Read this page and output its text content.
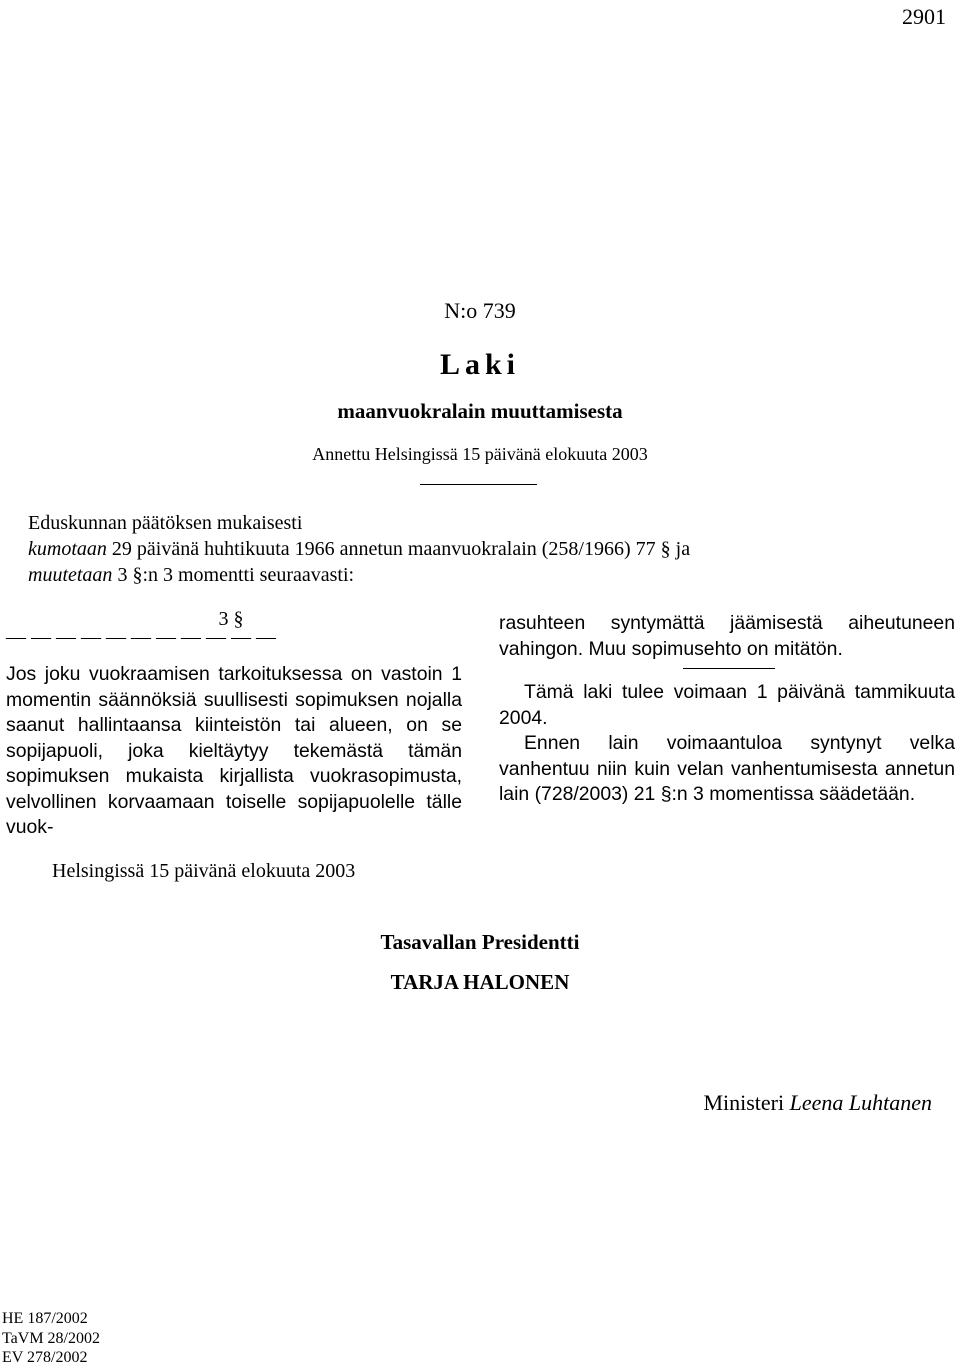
2901
N:o 739
Laki
maanvuokralain muuttamisesta
Annettu Helsingissä 15 päivänä elokuuta 2003
Eduskunnan päätöksen mukaisesti
kumotaan 29 päivänä huhtikuuta 1966 annetun maanvuokralain (258/1966) 77 § ja
muutetaan 3 §:n 3 momentti seuraavasti:
3 §
— — — — — — — — — — —
Jos joku vuokraamisen tarkoituksessa on vastoin 1 momentin säännöksiä suullisesti sopimuksen nojalla saanut hallintaansa kiinteistön tai alueen, on se sopijapuoli, joka kieltäytyy tekemästä tämän sopimuksen mukaista kirjallista vuokrasopimusta, velvollinen korvaamaan toiselle sopijapuolelle tälle vuok-

rasuhteen syntymättä jäämisestä aiheutuneen vahingon. Muu sopimusehto on mitätön.

Tämä laki tulee voimaan 1 päivänä tammikuuta 2004.

Ennen lain voimaantuloa syntynyt velka vanhentuu niin kuin velan vanhentumisesta annetun lain (728/2003) 21 §:n 3 momentissa säädetään.

Helsingissä 15 päivänä elokuuta 2003
Tasavallan Presidentti
TARJA HALONEN
Ministeri Leena Luhtanen
HE 187/2002
TaVM 28/2002
EV 278/2002
